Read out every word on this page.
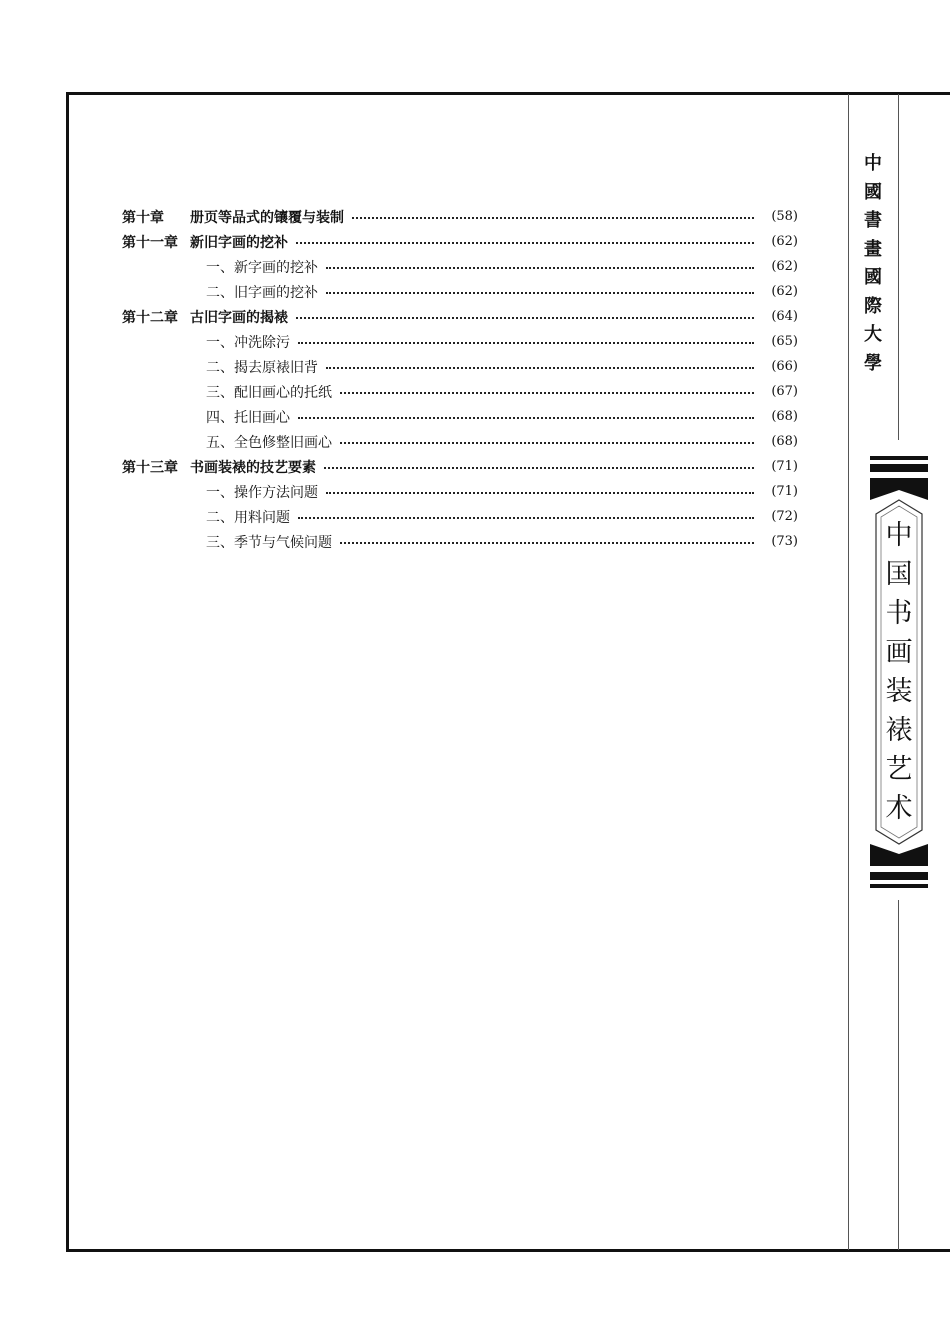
中
國
書
畫
國
際
大
學
中
国
书
画
装
裱
艺
术
第十章	册页等品式的镶覆与装制	(58)
第十一章 新旧字画的挖补	(62)
一、新字画的挖补	(62)
二、旧字画的挖补	(62)
第十二章 古旧字画的揭裱	(64)
一、冲洗除污	(65)
二、揭去原裱旧背	(66)
三、配旧画心的托纸	(67)
四、托旧画心	(68)
五、全色修整旧画心	(68)
第十三章 书画装裱的技艺要素	(71)
一、操作方法问题	(71)
二、用料问题	(72)
三、季节与气候问题	(73)
